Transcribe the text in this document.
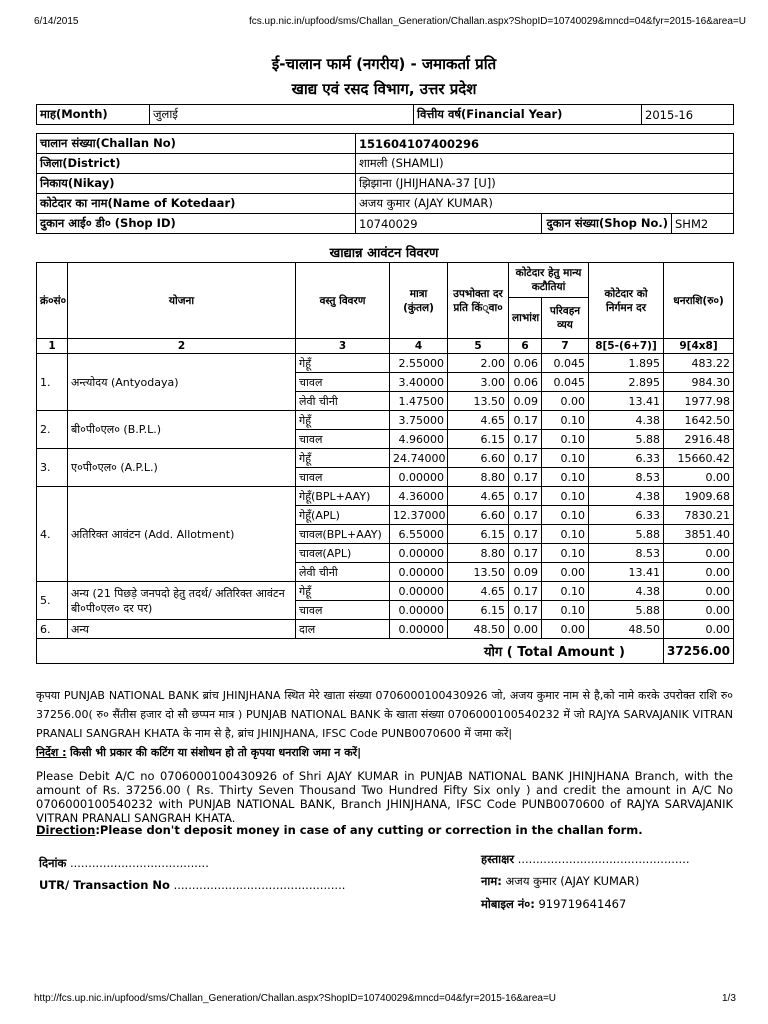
6/14/2015	fcs.up.nic.in/upfood/sms/Challan_Generation/Challan.aspx?ShopID=10740029&mncd=04&fyr=2015-16&area=U
ई-चालान फार्म (नगरीय) - जमाकर्ता प्रति
खाद्य एवं रसद विभाग, उत्तर प्रदेश
माह(Month)	जुलाई	वित्तीय वर्ष(Financial Year)	2015-16
चालान संख्या(Challan No)	151604107400296		
जिला(District)	शामली (SHAMLI)		
निकाय(Nikay)	झिझाना (JHIJHANA-37 [U])		
कोटेदार का नाम(Name of Kotedaar)	अजय कुमार (AJAY KUMAR)		
दुकान आई० डी० (Shop ID)	10740029	दुकान संख्या(Shop No.)	SHM2
खाद्यान्न आवंटन विवरण
क्रं०सं०	योजना	वस्तु विवरण	मात्रा (कुंतल)	उपभोक्ता दर प्रति किं्वा०	कोटेदार हेतु मान्य कटौतियां		कोटेदार को निर्गमन दर	धनराशि(रु०)
					लाभांश	परिवहन व्यय		
1	2	3	4	5	6	7	8[5-(6+7)]	9[4x8]
1.	अन्त्योदय (Antyodaya)	गेहूँ	2.55000	2.00	0.06	0.045	1.895	483.22
		चावल	3.40000	3.00	0.06	0.045	2.895	984.30
		लेवी चीनी	1.47500	13.50	0.09	0.00	13.41	1977.98
2.	बी०पी०एल० (B.P.L.)	गेहूँ	3.75000	4.65	0.17	0.10	4.38	1642.50
		चावल	4.96000	6.15	0.17	0.10	5.88	2916.48
3.	ए०पी०एल० (A.P.L.)	गेहूँ	24.74000	6.60	0.17	0.10	6.33	15660.42
		चावल	0.00000	8.80	0.17	0.10	8.53	0.00
4.	अतिरिक्त आवंटन (Add. Allotment)	गेहूँ(BPL+AAY)	4.36000	4.65	0.17	0.10	4.38	1909.68
		गेहूँ(APL)	12.37000	6.60	0.17	0.10	6.33	7830.21
		चावल(BPL+AAY)	6.55000	6.15	0.17	0.10	5.88	3851.40
		चावल(APL)	0.00000	8.80	0.17	0.10	8.53	0.00
		लेवी चीनी	0.00000	13.50	0.09	0.00	13.41	0.00
5.	अन्य (21 पिछड़े जनपदो हेतु तदर्थ/ अतिरिक्त आवंटन बी०पी०एल० दर पर)	गेहूँ	0.00000	4.65	0.17	0.10	4.38	0.00
		चावल	0.00000	6.15	0.17	0.10	5.88	0.00
6.	अन्य	दाल	0.00000	48.50	0.00	0.00	48.50	0.00
योग ( Total Amount )								37256.00
कृपया PUNJAB NATIONAL BANK ब्रांच JHINJHANA स्थित मेरे खाता संख्या 0706000100430926 जो, अजय कुमार नाम से है,को नामे करके उपरोक्त राशि रु० 37256.00( रु० सैंतीस हजार दो सौ छप्पन मात्र ) PUNJAB NATIONAL BANK के खाता संख्या 0706000100540232 में जो RAJYA SARVAJANIK VITRAN PRANALI SANGRAH KHATA के नाम से है, ब्रांच JHINJHANA, IFSC Code PUNB0070600 में जमा करें|
निर्देश : किसी भी प्रकार की कटिंग या संशोधन हो तो कृपया धनराशि जमा न करें|
Please Debit A/C no 0706000100430926 of Shri AJAY KUMAR in PUNJAB NATIONAL BANK JHINJHANA Branch, with the amount of Rs. 37256.00 ( Rs. Thirty Seven Thousand Two Hundred Fifty Six only ) and credit the amount in A/C No 0706000100540232 with PUNJAB NATIONAL BANK, Branch JHINJHANA, IFSC Code PUNB0070600 of RAJYA SARVAJANIK VITRAN PRANALI SANGRAH KHATA.
Direction:Please don't deposit money in case of any cutting or correction in the challan form.
दिनांक ......................................
UTR/ Transaction No ...............................................
हस्ताक्षर ...............................................
नाम: अजय कुमार (AJAY KUMAR)
मोबाइल नं०: 919719641467
http://fcs.up.nic.in/upfood/sms/Challan_Generation/Challan.aspx?ShopID=10740029&mncd=04&fyr=2015-16&area=U	1/3
